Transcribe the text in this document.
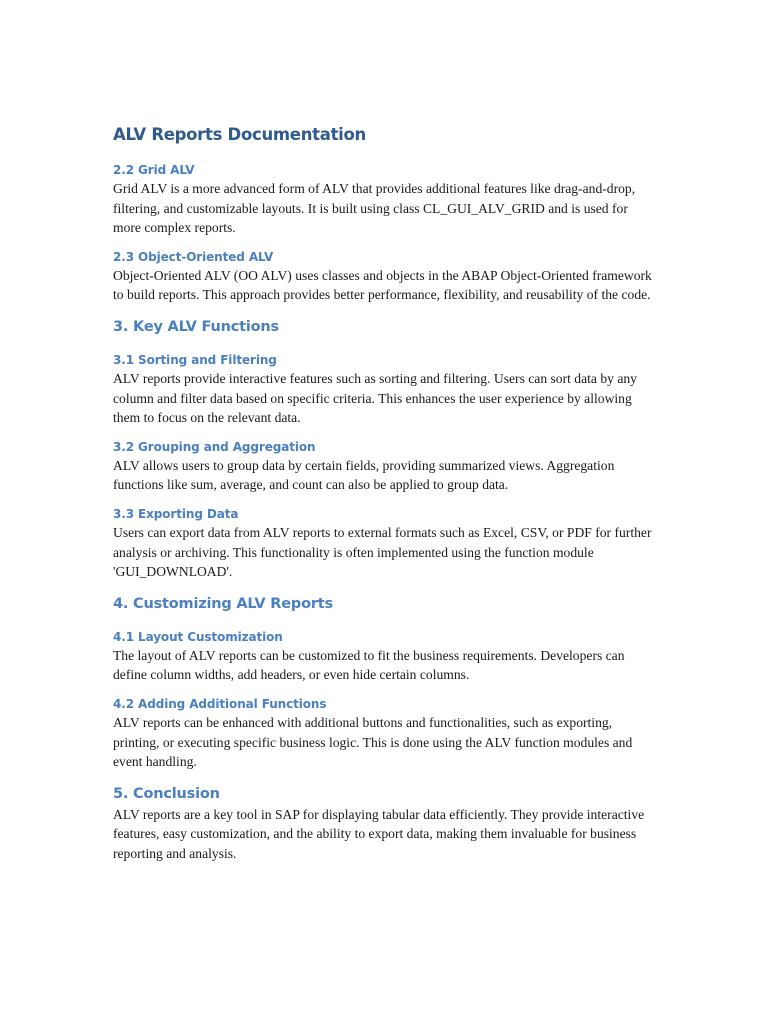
ALV Reports Documentation
2.2 Grid ALV

Grid ALV is a more advanced form of ALV that provides additional features like drag-and-drop, filtering, and customizable layouts. It is built using class CL_GUI_ALV_GRID and is used for more complex reports.

2.3 Object-Oriented ALV

Object-Oriented ALV (OO ALV) uses classes and objects in the ABAP Object-Oriented framework to build reports. This approach provides better performance, flexibility, and reusability of the code.

3. Key ALV Functions
3.1 Sorting and Filtering

ALV reports provide interactive features such as sorting and filtering. Users can sort data by any column and filter data based on specific criteria. This enhances the user experience by allowing them to focus on the relevant data.

3.2 Grouping and Aggregation

ALV allows users to group data by certain fields, providing summarized views. Aggregation functions like sum, average, and count can also be applied to group data.

3.3 Exporting Data

Users can export data from ALV reports to external formats such as Excel, CSV, or PDF for further analysis or archiving. This functionality is often implemented using the function module 'GUI_DOWNLOAD'.

4. Customizing ALV Reports
4.1 Layout Customization

The layout of ALV reports can be customized to fit the business requirements. Developers can define column widths, add headers, or even hide certain columns.

4.2 Adding Additional Functions

ALV reports can be enhanced with additional buttons and functionalities, such as exporting, printing, or executing specific business logic. This is done using the ALV function modules and event handling.

5. Conclusion

ALV reports are a key tool in SAP for displaying tabular data efficiently. They provide interactive features, easy customization, and the ability to export data, making them invaluable for business reporting and analysis.
